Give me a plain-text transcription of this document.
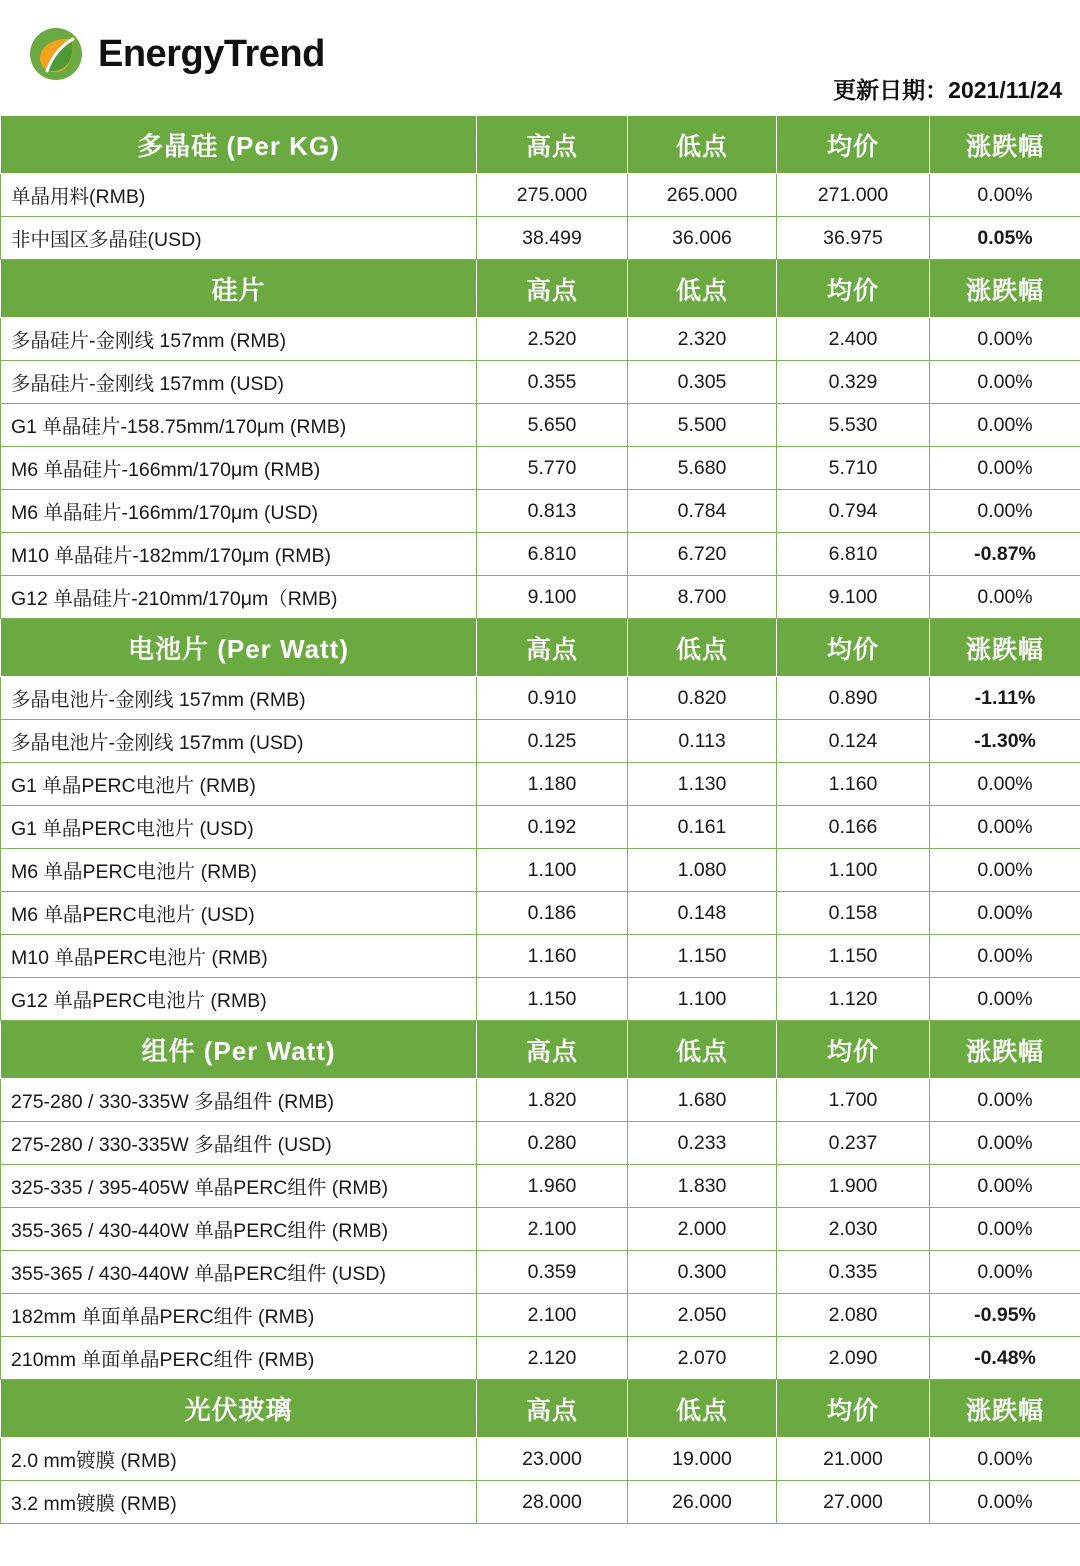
EnergyTrend
更新日期：2021/11/24
多晶硅 (Per KG)	高点	低点	均价	涨跌幅
单晶用料(RMB)	275.000	265.000	271.000	0.00%
非中国区多晶硅(USD)	38.499	36.006	36.975	0.05%
硅片	高点	低点	均价	涨跌幅
多晶硅片-金刚线 157mm (RMB)	2.520	2.320	2.400	0.00%
多晶硅片-金刚线 157mm (USD)	0.355	0.305	0.329	0.00%
G1 单晶硅片-158.75mm/170μm (RMB)	5.650	5.500	5.530	0.00%
M6 单晶硅片-166mm/170μm (RMB)	5.770	5.680	5.710	0.00%
M6 单晶硅片-166mm/170μm (USD)	0.813	0.784	0.794	0.00%
M10 单晶硅片-182mm/170μm (RMB)	6.810	6.720	6.810	-0.87%
G12 单晶硅片-210mm/170μm（RMB)	9.100	8.700	9.100	0.00%
电池片 (Per Watt)	高点	低点	均价	涨跌幅
多晶电池片-金刚线 157mm (RMB)	0.910	0.820	0.890	-1.11%
多晶电池片-金刚线 157mm (USD)	0.125	0.113	0.124	-1.30%
G1 单晶PERC电池片 (RMB)	1.180	1.130	1.160	0.00%
G1 单晶PERC电池片 (USD)	0.192	0.161	0.166	0.00%
M6 单晶PERC电池片 (RMB)	1.100	1.080	1.100	0.00%
M6 单晶PERC电池片 (USD)	0.186	0.148	0.158	0.00%
M10 单晶PERC电池片 (RMB)	1.160	1.150	1.150	0.00%
G12 单晶PERC电池片 (RMB)	1.150	1.100	1.120	0.00%
组件 (Per Watt)	高点	低点	均价	涨跌幅
275-280 / 330-335W 多晶组件 (RMB)	1.820	1.680	1.700	0.00%
275-280 / 330-335W 多晶组件 (USD)	0.280	0.233	0.237	0.00%
325-335 / 395-405W 单晶PERC组件 (RMB)	1.960	1.830	1.900	0.00%
355-365 / 430-440W 单晶PERC组件 (RMB)	2.100	2.000	2.030	0.00%
355-365 / 430-440W 单晶PERC组件 (USD)	0.359	0.300	0.335	0.00%
182mm 单面单晶PERC组件 (RMB)	2.100	2.050	2.080	-0.95%
210mm 单面单晶PERC组件 (RMB)	2.120	2.070	2.090	-0.48%
光伏玻璃	高点	低点	均价	涨跌幅
2.0 mm镀膜 (RMB)	23.000	19.000	21.000	0.00%
3.2 mm镀膜 (RMB)	28.000	26.000	27.000	0.00%
